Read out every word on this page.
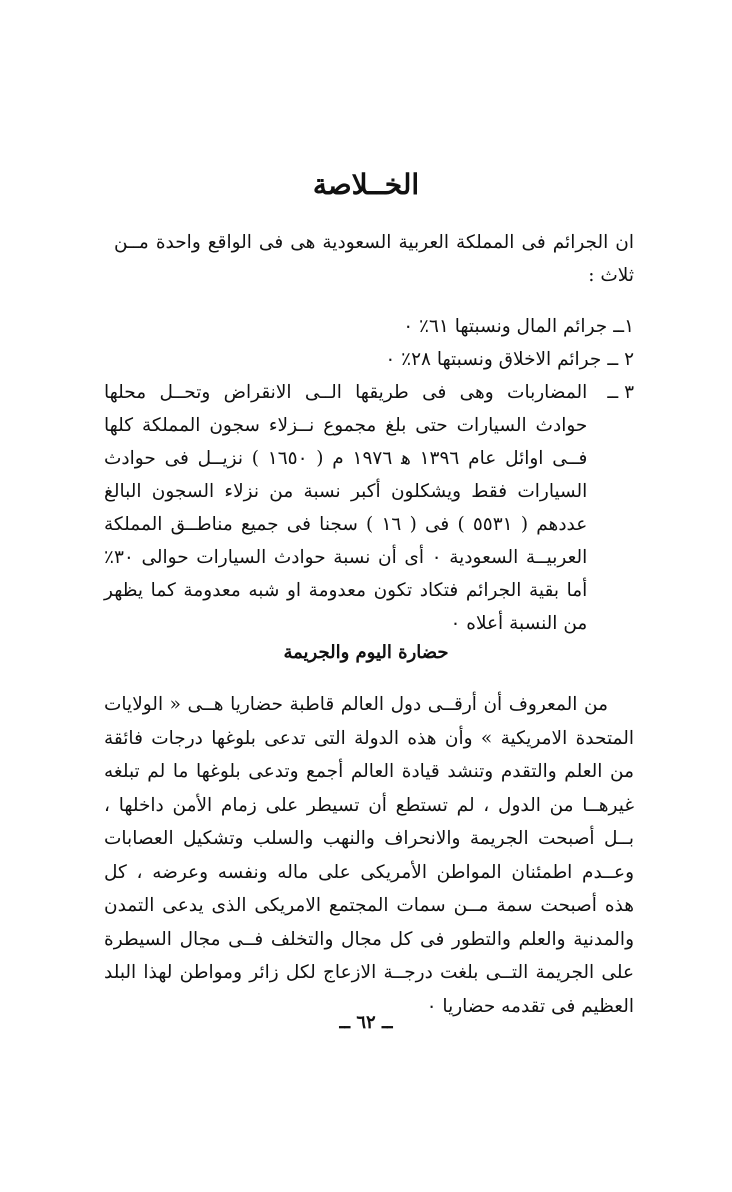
الخــلاصة
ان الجرائم فى المملكة العربية السعودية هى فى الواقع واحدة مــن ثلاث :
١ــ
جرائم المال ونسبتها ٦١٪ ٠
٢ ــ
جرائم الاخلاق ونسبتها ٢٨٪ ٠
٣ ــ
المضاربات وهى فى طريقها الــى الانقراض وتحــل محلها حوادث السيارات حتى بلغ مجموع نــزلاء سجون المملكة كلها فــى اوائل عام ١٣٩٦ ﻫ ١٩٧٦ م ( ١٦٥٠ ) نزيــل فى حوادث السيارات فقط ويشكلون أكبر نسبة من نزلاء السجون البالغ عددهم ( ٥٥٣١ ) فى ( ١٦ ) سجنا فى جميع مناطــق المملكة العربيــة السعودية ٠ أى أن نسبة حوادث السيارات حوالى ٣٠٪ أما بقية الجرائم فتكاد تكون معدومة او شبه معدومة كما يظهر من النسبة أعلاه ٠
حضارة اليوم والجريمة
من المعروف أن أرقــى دول العالم قاطبة حضاريا هــى « الولايات المتحدة الامريكية » وأن هذه الدولة التى تدعى بلوغها درجات فائقة من العلم والتقدم وتنشد قيادة العالم أجمع وتدعى بلوغها ما لم تبلغه غيرهــا من الدول ، لم تستطع أن تسيطر على زمام الأمن داخلها ، بــل أصبحت الجريمة والانحراف والنهب والسلب وتشكيل العصابات وعــدم اطمئنان المواطن الأمريكى على ماله ونفسه وعرضه ، كل هذه أصبحت سمة مــن سمات المجتمع الامريكى الذى يدعى التمدن والمدنية والعلم والتطور فى كل مجال والتخلف فــى مجال السيطرة على الجريمة التــى بلغت درجــة الازعاج لكل زائر ومواطن لهذا البلد العظيم فى تقدمه حضاريا ٠
ــ ٦٢ ــ
